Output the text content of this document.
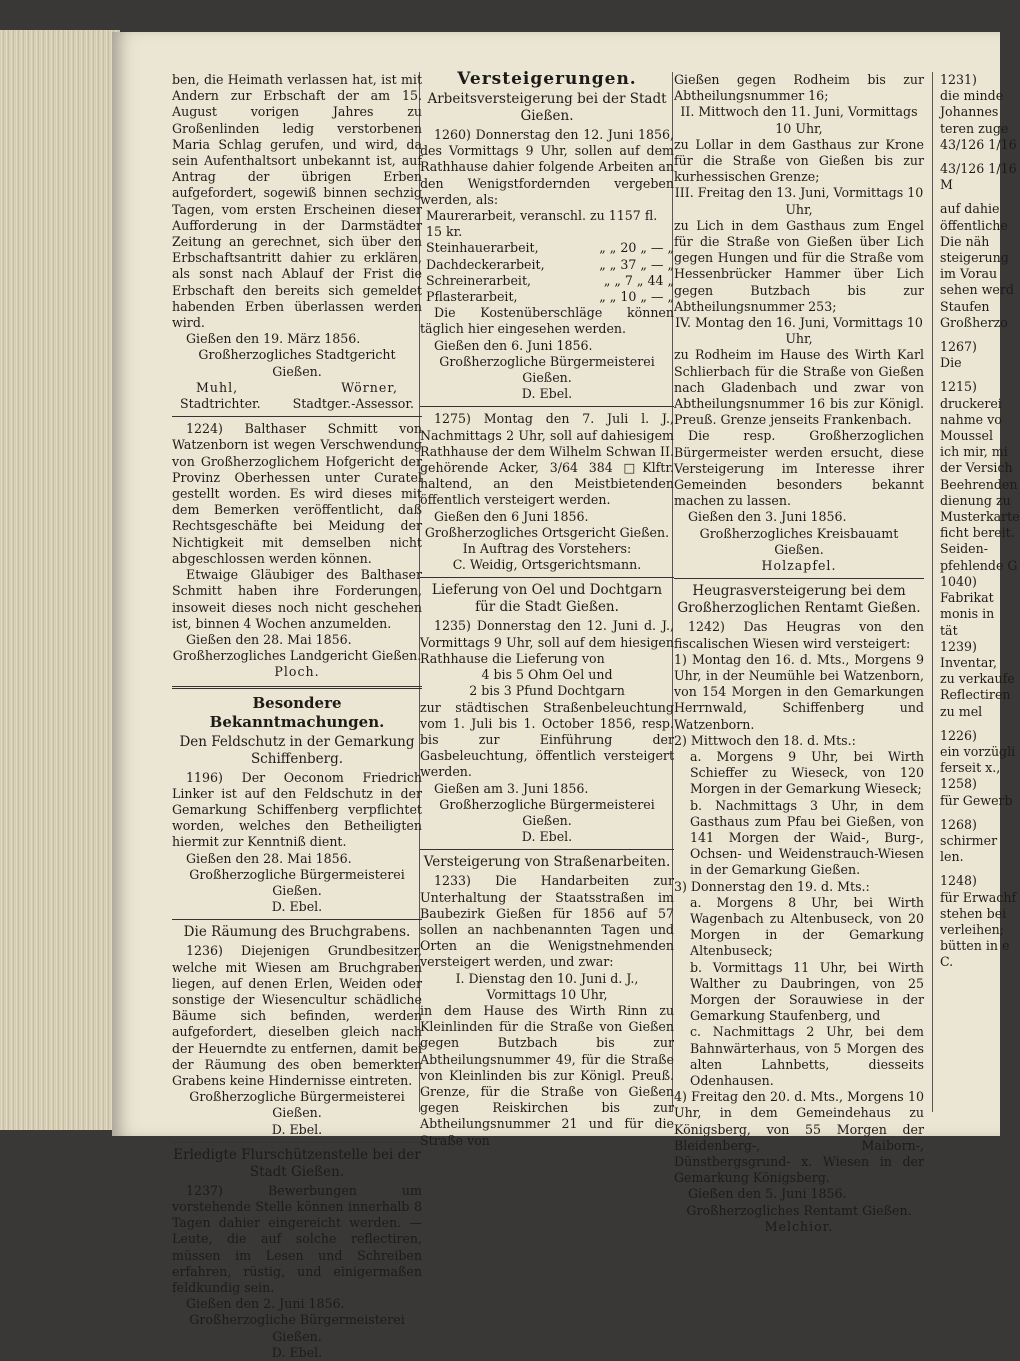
ben, die Heimath verlassen hat, ist mit Andern zur Erbschaft der am 15. August vorigen Jahres zu Großenlinden ledig verstorbenen Maria Schlag gerufen, und wird, da sein Aufenthaltsort unbekannt ist, auf Antrag der übrigen Erben aufgefordert, sogewiß binnen sechzig Tagen, vom ersten Erscheinen dieser Aufforderung in der Darmstädter Zeitung an gerechnet, sich über den Erbschaftsantritt dahier zu erklären, als sonst nach Ablauf der Frist die Erbschaft den bereits sich gemeldet habenden Erben überlassen werden wird.

Gießen den 19. März 1856.

Großherzogliches Stadtgericht Gießen.

Muhl,	Wörner,
Stadtrichter.	Stadtger.-Assessor.

1224) Balthaser Schmitt von Watzenborn ist wegen Verschwendung von Großherzoglichem Hofgericht der Provinz Oberhessen unter Curatel gestellt worden. Es wird dieses mit dem Bemerken veröffentlicht, daß Rechtsgeschäfte bei Meidung der Nichtigkeit mit demselben nicht abgeschlossen werden können.

Etwaige Gläubiger des Balthaser Schmitt haben ihre Forderungen, insoweit dieses noch nicht geschehen ist, binnen 4 Wochen anzumelden.

Gießen den 28. Mai 1856.

Großherzogliches Landgericht Gießen.

Ploch.

Besondere Bekanntmachungen.
Den Feldschutz in der Gemarkung Schiffenberg.

1196) Der Oeconom Friedrich Linker ist auf den Feldschutz in der Gemarkung Schiffenberg verpflichtet worden, welches den Betheiligten hiermit zur Kenntniß dient.

Gießen den 28. Mai 1856.

Großherzogliche Bürgermeisterei Gießen.

D. Ebel.

Die Räumung des Bruchgrabens.

1236) Diejenigen Grundbesitzer, welche mit Wiesen am Bruchgraben liegen, auf denen Erlen, Weiden oder sonstige der Wiesencultur schädliche Bäume sich befinden, werden aufgefordert, dieselben gleich nach der Heuerndte zu entfernen, damit bei der Räumung des oben bemerkten Grabens keine Hindernisse eintreten.

Großherzogliche Bürgermeisterei Gießen.

D. Ebel.

Erledigte Flurschützenstelle bei der Stadt Gießen.

1237) Bewerbungen um vorstehende Stelle können innerhalb 8 Tagen dahier eingereicht werden. — Leute, die auf solche reflectiren, müssen im Lesen und Schreiben erfahren, rüstig, und einigermaßen feldkundig sein.

Gießen den 2. Juni 1856.

Großherzogliche Bürgermeisterei Gießen.

D. Ebel.

Versteigerungen.
Arbeitsversteigerung bei der Stadt Gießen.

1260) Donnerstag den 12. Juni 1856, des Vormittags 9 Uhr, sollen auf dem Rathhause dahier folgende Arbeiten an den Wenigstfordernden vergeben werden, als:

Maurerarbeit, veranschl. zu 1157 fl. 15 kr.
Steinhauerarbeit,	„ „ 20 „ — „
Dachdeckerarbeit,	„ „ 37 „ — „
Schreinerarbeit,	„ „ 7 „ 44 „
Pflasterarbeit,	„ „ 10 „ — „

Die Kostenüberschläge können täglich hier eingesehen werden.

Gießen den 6. Juni 1856.

Großherzogliche Bürgermeisterei Gießen.

D. Ebel.

1275) Montag den 7. Juli l. J., Nachmittags 2 Uhr, soll auf dahiesigem Rathhause der dem Wilhelm Schwan II. gehörende Acker, 3/64 384 □Klftr. haltend, an den Meistbietenden öffentlich versteigert werden.

Gießen den 6 Juni 1856.

Großherzogliches Ortsgericht Gießen.

In Auftrag des Vorstehers:

C. Weidig, Ortsgerichtsmann.

Lieferung von Oel und Dochtgarn für die Stadt Gießen.

1235) Donnerstag den 12. Juni d. J., Vormittags 9 Uhr, soll auf dem hiesigen Rathhause die Lieferung von

4 bis 5 Ohm Oel und

2 bis 3 Pfund Dochtgarn

zur städtischen Straßenbeleuchtung vom 1. Juli bis 1. October 1856, resp. bis zur Einführung der Gasbeleuchtung, öffentlich versteigert werden.

Gießen am 3. Juni 1856.

Großherzogliche Bürgermeisterei Gießen.

D. Ebel.

Versteigerung von Straßenarbeiten.

1233) Die Handarbeiten zur Unterhaltung der Staatsstraßen im Baubezirk Gießen für 1856 auf 57 sollen an nachbenannten Tagen und Orten an die Wenigstnehmenden versteigert werden, und zwar:

I. Dienstag den 10. Juni d. J., Vormittags 10 Uhr,

in dem Hause des Wirth Rinn zu Kleinlinden für die Straße von Gießen gegen Butzbach bis zur Abtheilungsnummer 49, für die Straße von Kleinlinden bis zur Königl. Preuß. Grenze, für die Straße von Gießen gegen Reiskirchen bis zur Abtheilungsnummer 21 und für die Straße von

Gießen gegen Rodheim bis zur Abtheilungsnummer 16;

II. Mittwoch den 11. Juni, Vormittags 10 Uhr,

zu Lollar in dem Gasthaus zur Krone für die Straße von Gießen bis zur kurhessischen Grenze;

III. Freitag den 13. Juni, Vormittags 10 Uhr,

zu Lich in dem Gasthaus zum Engel für die Straße von Gießen über Lich gegen Hungen und für die Straße vom Hessenbrücker Hammer über Lich gegen Butzbach bis zur Abtheilungsnummer 253;

IV. Montag den 16. Juni, Vormittags 10 Uhr,

zu Rodheim im Hause des Wirth Karl Schlierbach für die Straße von Gießen nach Gladenbach und zwar von Abtheilungsnummer 16 bis zur Königl. Preuß. Grenze jenseits Frankenbach.

Die resp. Großherzoglichen Bürgermeister werden ersucht, diese Versteigerung im Interesse ihrer Gemeinden besonders bekannt machen zu lassen.

Gießen den 3. Juni 1856.

Großherzogliches Kreisbauamt Gießen.

Holzapfel.

Heugrasversteigerung bei dem Großherzoglichen Rentamt Gießen.

1242) Das Heugras von den fiscalischen Wiesen wird versteigert:

1) Montag den 16. d. Mts., Morgens 9 Uhr, in der Neumühle bei Watzenborn, von 154 Morgen in den Gemarkungen Herrnwald, Schiffenberg und Watzenborn.

2) Mittwoch den 18. d. Mts.:

a. Morgens 9 Uhr, bei Wirth Schieffer zu Wieseck, von 120 Morgen in der Gemarkung Wieseck;

b. Nachmittags 3 Uhr, in dem Gasthaus zum Pfau bei Gießen, von 141 Morgen der Waid-, Burg-, Ochsen- und Weidenstrauch-Wiesen in der Gemarkung Gießen.

3) Donnerstag den 19. d. Mts.:

a. Morgens 8 Uhr, bei Wirth Wagenbach zu Altenbuseck, von 20 Morgen in der Gemarkung Altenbuseck;

b. Vormittags 11 Uhr, bei Wirth Walther zu Daubringen, von 25 Morgen der Sorauwiese in der Gemarkung Staufenberg, und

c. Nachmittags 2 Uhr, bei dem Bahnwärterhaus, von 5 Morgen des alten Lahnbetts, diesseits Odenhausen.

4) Freitag den 20. d. Mts., Morgens 10 Uhr, in dem Gemeindehaus zu Königsberg, von 55 Morgen der Bleidenberg-, Maiborn-, Dünstbergsgrund- x. Wiesen in der Gemarkung Königsberg.

Gießen den 5. Juni 1856.

Großherzogliches Rentamt Gießen.

Melchior.

1231)

die minde

Johannes

teren zuge

43/126 1/16

43/126 1/16

M

auf dahie

öffentliche

Die näh

steigerung

im Vorau

sehen werd

Staufen

Großherzo

1267)

Die

1215)

druckerei

nahme vo

Moussel

ich mir, mi

der Versich

Beehrenden

dienung zu

Musterkarte

ficht bereit.

Seiden-

pfehlende G

1040)

Fabrikat

monis in

tät

1239)

Inventar,

zu verkaufe

Reflectiren

zu mel

1226)

ein vorzügli

ferseit x.,

1258)

für Gewerb

1268)

schirmer

len.

1248)

für Erwachf

stehen bei

verleihen;

bütten in e

C.
